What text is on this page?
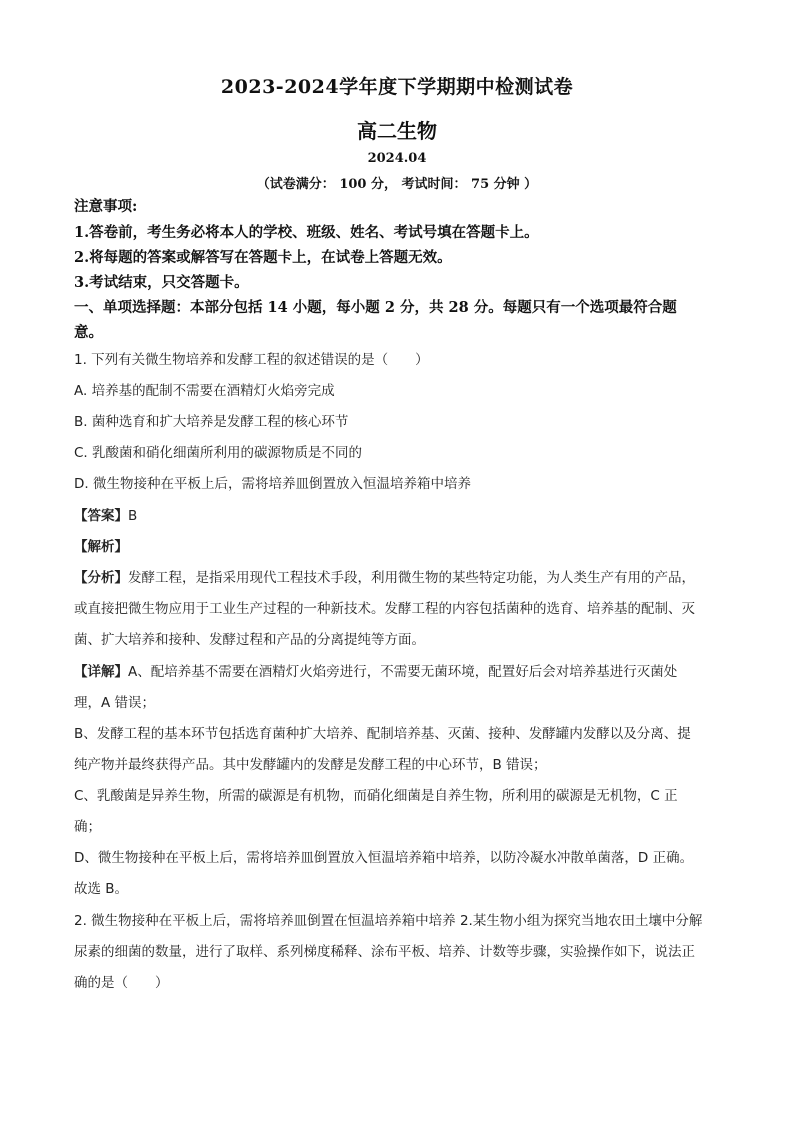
2023-2024学年度下学期期中检测试卷
高二生物
2024.04
（试卷满分： 100 分， 考试时间： 75 分钟 ）
注意事项:
1.答卷前，考生务必将本人的学校、班级、姓名、考试号填在答题卡上。
2.将每题的答案或解答写在答题卡上，在试卷上答题无效。
3.考试结束，只交答题卡。
一、单项选择题：本部分包括 14 小题，每小题 2 分，共 28 分。每题只有一个选项最符合题
意。
1. 下列有关微生物培养和发酵工程的叙述错误的是（　　）
A. 培养基的配制不需要在酒精灯火焰旁完成
B. 菌种选育和扩大培养是发酵工程的核心环节
C. 乳酸菌和硝化细菌所利用的碳源物质是不同的
D. 微生物接种在平板上后，需将培养皿倒置放入恒温培养箱中培养
【答案】B
【解析】
【分析】发酵工程，是指采用现代工程技术手段，利用微生物的某些特定功能，为人类生产有用的产品，
或直接把微生物应用于工业生产过程的一种新技术。发酵工程的内容包括菌种的选育、培养基的配制、灭
菌、扩大培养和接种、发酵过程和产品的分离提纯等方面。
【详解】A、配培养基不需要在酒精灯火焰旁进行，不需要无菌环境，配置好后会对培养基进行灭菌处
理，A 错误；
B、发酵工程的基本环节包括选育菌种扩大培养、配制培养基、灭菌、接种、发酵罐内发酵以及分离、提
纯产物并最终获得产品。其中发酵罐内的发酵是发酵工程的中心环节，B 错误；
C、乳酸菌是异养生物，所需的碳源是有机物，而硝化细菌是自养生物，所利用的碳源是无机物，C 正
确；
D、微生物接种在平板上后，需将培养皿倒置放入恒温培养箱中培养，以防冷凝水冲散单菌落，D 正确。
故选 B。
2. 微生物接种在平板上后，需将培养皿倒置在恒温培养箱中培养 2.某生物小组为探究当地农田土壤中分解
尿素的细菌的数量，进行了取样、系列梯度稀释、涂布平板、培养、计数等步骤，实验操作如下，说法正
确的是（　　）
